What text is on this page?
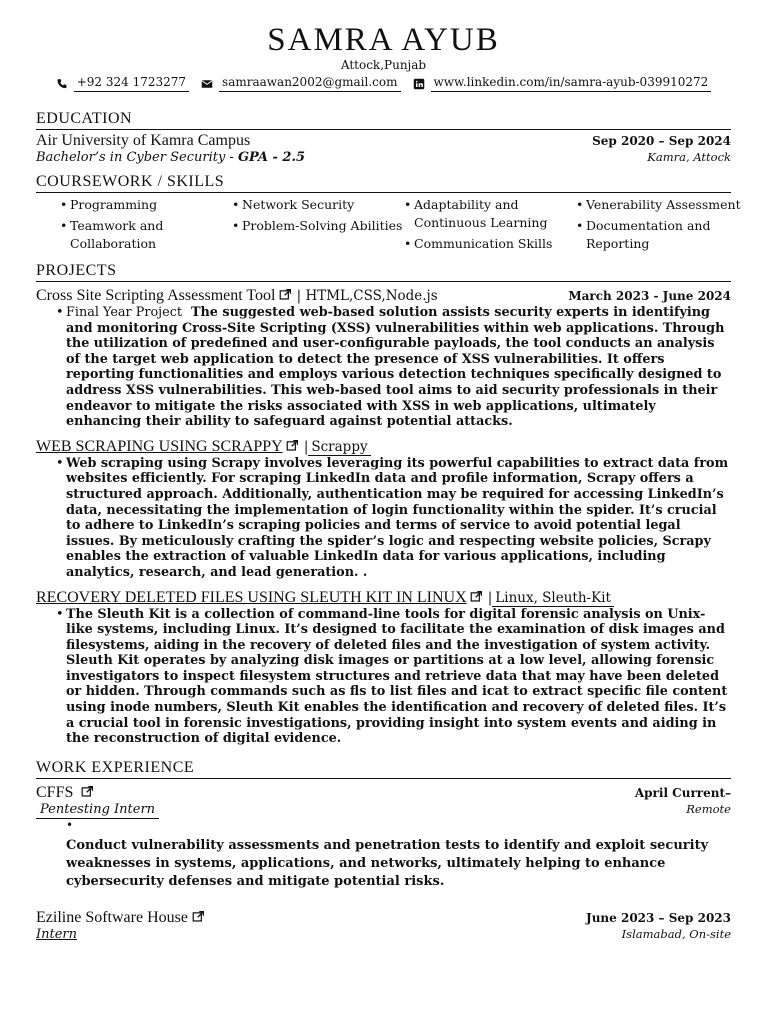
SAMRA AYUB
Attock,Punjab
+92 324 1723277	samraawan2002@gmail.com	www.linkedin.com/in/samra-ayub-039910272
EDUCATION
Air University of Kamra Campus	Sep 2020 – Sep 2024
Bachelor’s in Cyber Security - GPA - 2.5	Kamra, Attock
COURSEWORK / SKILLS
• Programming
• Teamwork and Collaboration
• Network Security
• Problem-Solving Abilities
• Adaptability and Continuous Learning
• Communication Skills
• Venerability Assessment
• Documentation and Reporting
PROJECTS
Cross Site Scripting Assessment Tool | HTML,CSS,Node.js	March 2023 - June 2024
• Final Year Project The suggested web-based solution assists security experts in identifying and monitoring Cross-Site Scripting (XSS) vulnerabilities within web applications. Through the utilization of predefined and user-configurable payloads, the tool conducts an analysis of the target web application to detect the presence of XSS vulnerabilities. It offers reporting functionalities and employs various detection techniques specifically designed to address XSS vulnerabilities. This web-based tool aims to aid security professionals in their endeavor to mitigate the risks associated with XSS in web applications, ultimately enhancing their ability to safeguard against potential attacks.
WEB SCRAPING USING SCRAPPY | Scrappy
• Web scraping using Scrapy involves leveraging its powerful capabilities to extract data from websites efficiently. For scraping LinkedIn data and profile information, Scrapy offers a structured approach. Additionally, authentication may be required for accessing LinkedIn’s data, necessitating the implementation of login functionality within the spider. It’s crucial to adhere to LinkedIn’s scraping policies and terms of service to avoid potential legal issues. By meticulously crafting the spider’s logic and respecting website policies, Scrapy enables the extraction of valuable LinkedIn data for various applications, including analytics, research, and lead generation. .
RECOVERY DELETED FILES USING SLEUTH KIT IN LINUX | Linux, Sleuth-Kit
• The Sleuth Kit is a collection of command-line tools for digital forensic analysis on Unix-like systems, including Linux. It’s designed to facilitate the examination of disk images and filesystems, aiding in the recovery of deleted files and the investigation of system activity. Sleuth Kit operates by analyzing disk images or partitions at a low level, allowing forensic investigators to inspect filesystem structures and retrieve data that may have been deleted or hidden. Through commands such as fls to list files and icat to extract specific file content using inode numbers, Sleuth Kit enables the identification and recovery of deleted files. It’s a crucial tool in forensic investigations, providing insight into system events and aiding in the reconstruction of digital evidence.
WORK EXPERIENCE
CFFS	April Current–
Pentesting Intern	Remote
•
Conduct vulnerability assessments and penetration tests to identify and exploit security weaknesses in systems, applications, and networks, ultimately helping to enhance cybersecurity defenses and mitigate potential risks.
Eziline Software House	June 2023 – Sep 2023
Intern	Islamabad, On-site
